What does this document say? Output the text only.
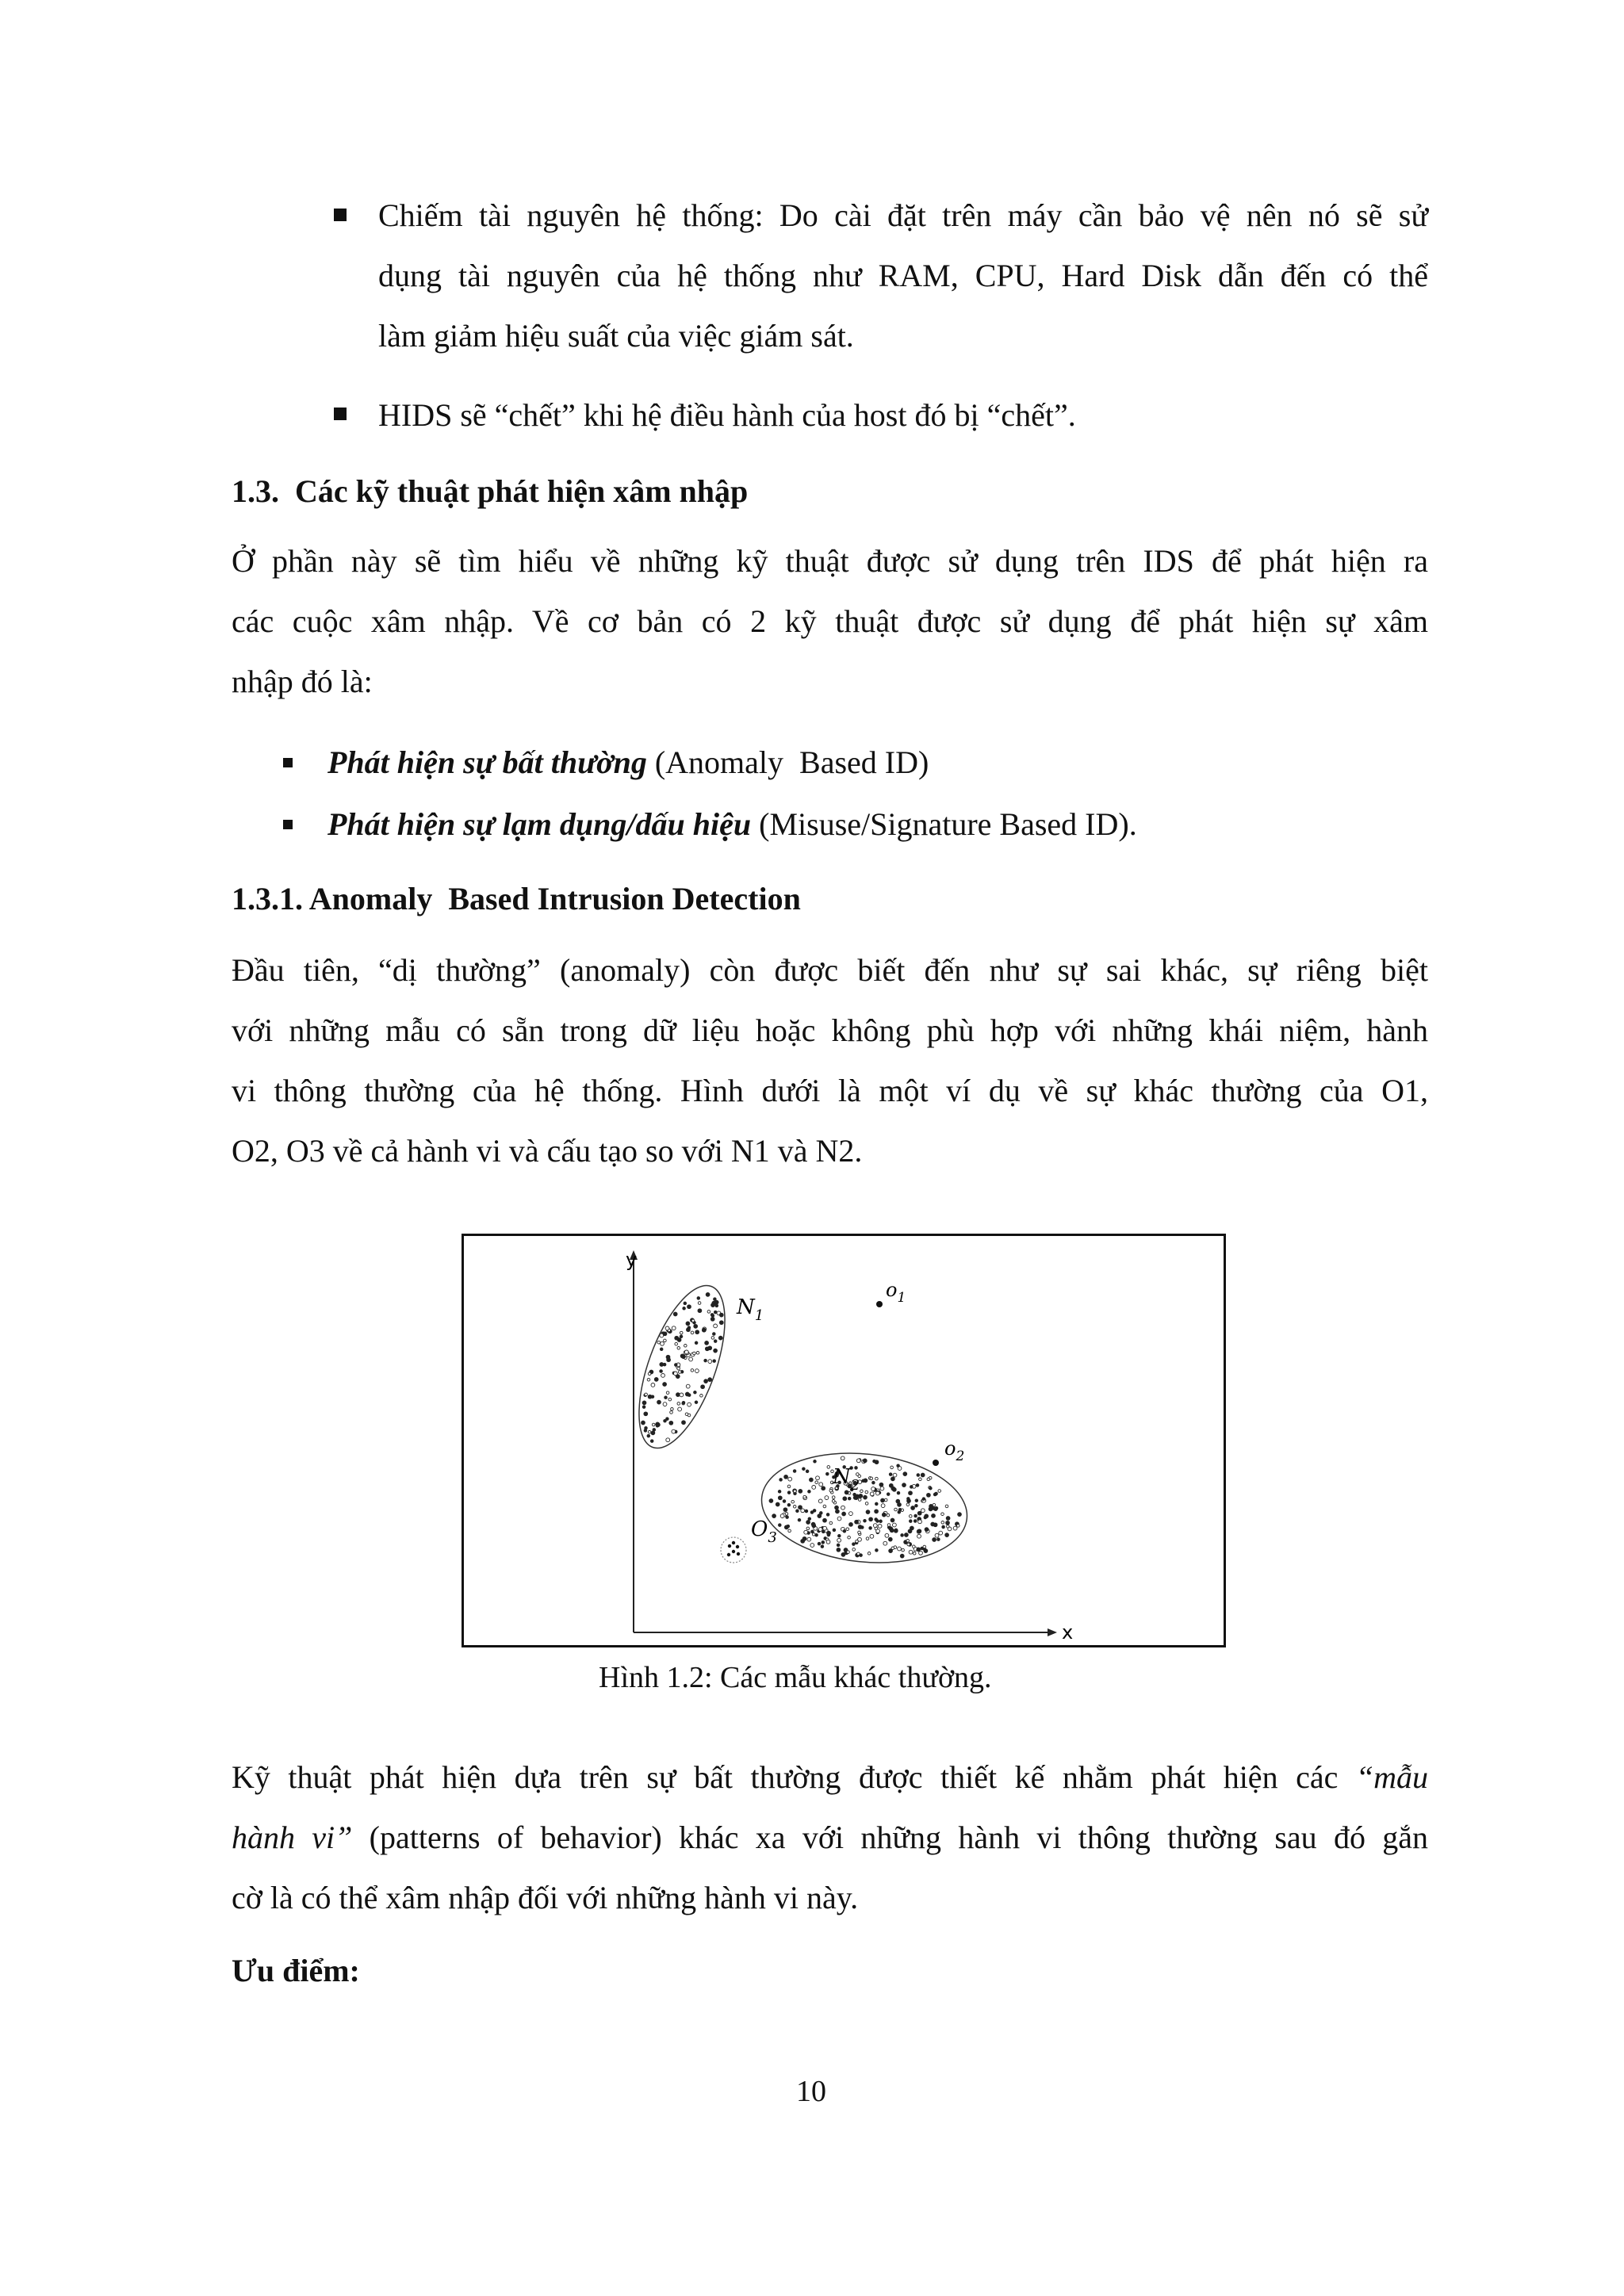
Chiếm tài nguyên hệ thống: Do cài đặt trên máy cần bảo vệ nên nó sẽ sử
dụng tài nguyên của hệ thống như RAM, CPU, Hard Disk dẫn đến có thể
làm giảm hiệu suất của việc giám sát.
HIDS sẽ “chết” khi hệ điều hành của host đó bị “chết”.
1.3.  Các kỹ thuật phát hiện xâm nhập
Ở phần này sẽ tìm hiểu về những kỹ thuật được sử dụng trên IDS để phát hiện ra
các cuộc xâm nhập. Về cơ bản có 2 kỹ thuật được sử dụng để phát hiện sự xâm
nhập đó là:
Phát hiện sự bất thường (Anomaly  Based ID)
Phát hiện sự lạm dụng/dấu hiệu (Misuse/Signature Based ID).
1.3.1. Anomaly  Based Intrusion Detection
Đầu tiên, “dị thường” (anomaly) còn được biết đến như sự sai khác, sự riêng biệt
với những mẫu có sẵn trong dữ liệu hoặc không phù hợp với những khái niệm, hành
vi thông thường của hệ thống. Hình dưới là một ví dụ về sự khác thường của O1,
O2, O3 về cả hành vi và cấu tạo so với N1 và N2.
y
x
$N_1$
$N_2$
$o_1$
$o_2$
$O_3$
Hình 1.2: Các mẫu khác thường.
Kỹ thuật phát hiện dựa trên sự bất thường được thiết kế nhằm phát hiện các “mẫu
hành vi” (patterns of behavior) khác xa với những hành vi thông thường sau đó gắn
cờ là có thể xâm nhập đối với những hành vi này.
Ưu điểm:
10
